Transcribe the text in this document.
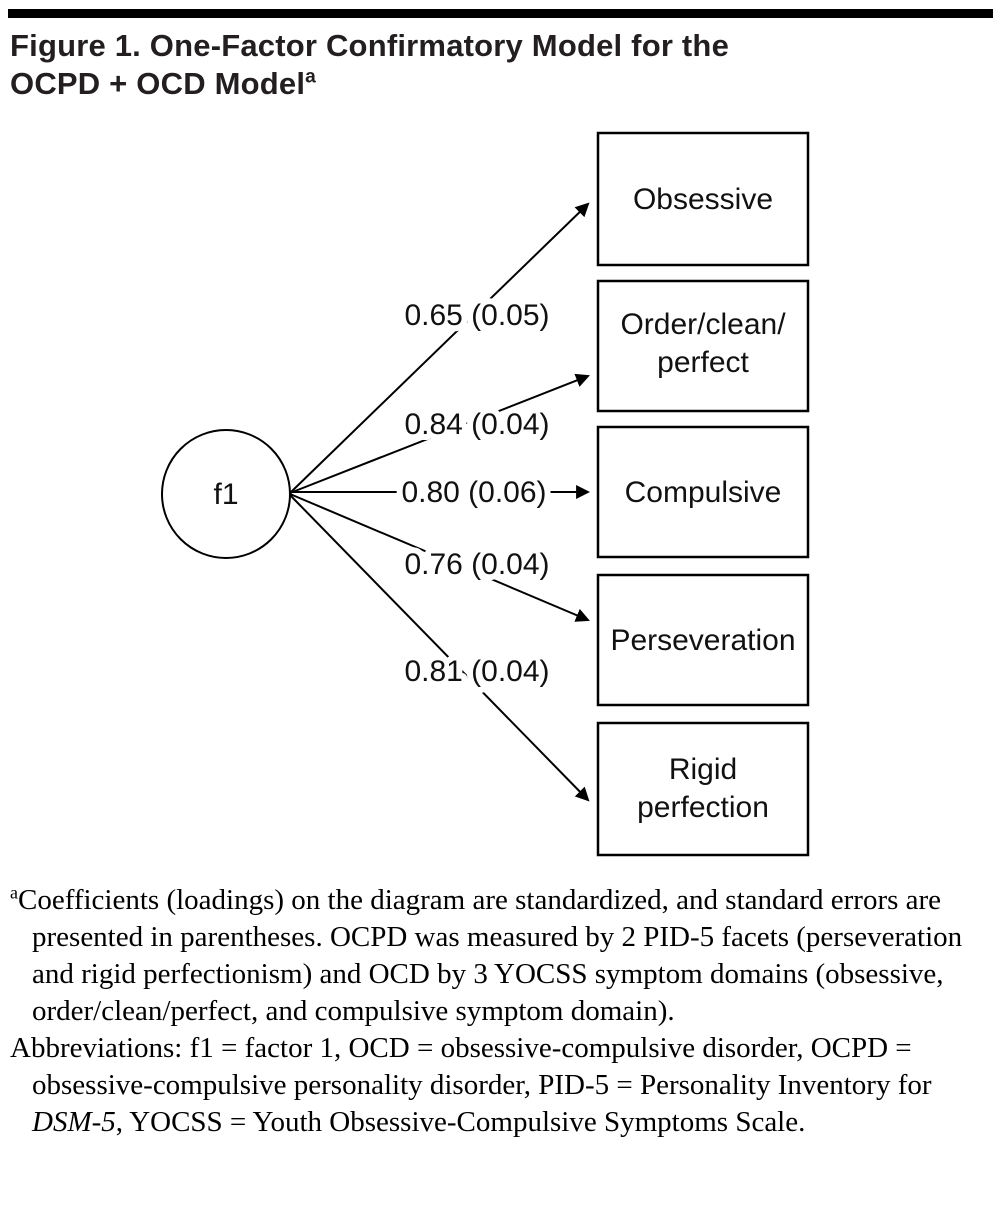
Figure 1. One-Factor Confirmatory Model for the
OCPD + OCD Model$^a$
0.65 (0.05)
0.84 (0.04)
0.80 (0.06)
0.76 (0.04)
0.81 (0.04)
f1
Obsessive
Order/clean/
perfect
Compulsive
Perseveration
Rigid
perfection

$^a$Coefficients (loadings) on the diagram are standardized, and standard errors are presented in parentheses. OCPD was measured by 2 PID-5 facets (perseveration and rigid perfectionism) and OCD by 3 YOCSS symptom domains (obsessive, order/clean/perfect, and compulsive symptom domain).

Abbreviations: f1 = factor 1, OCD = obsessive-compulsive disorder, OCPD = obsessive-compulsive personality disorder, PID-5 = Personality Inventory for DSM-5, YOCSS = Youth Obsessive-Compulsive Symptoms Scale.
